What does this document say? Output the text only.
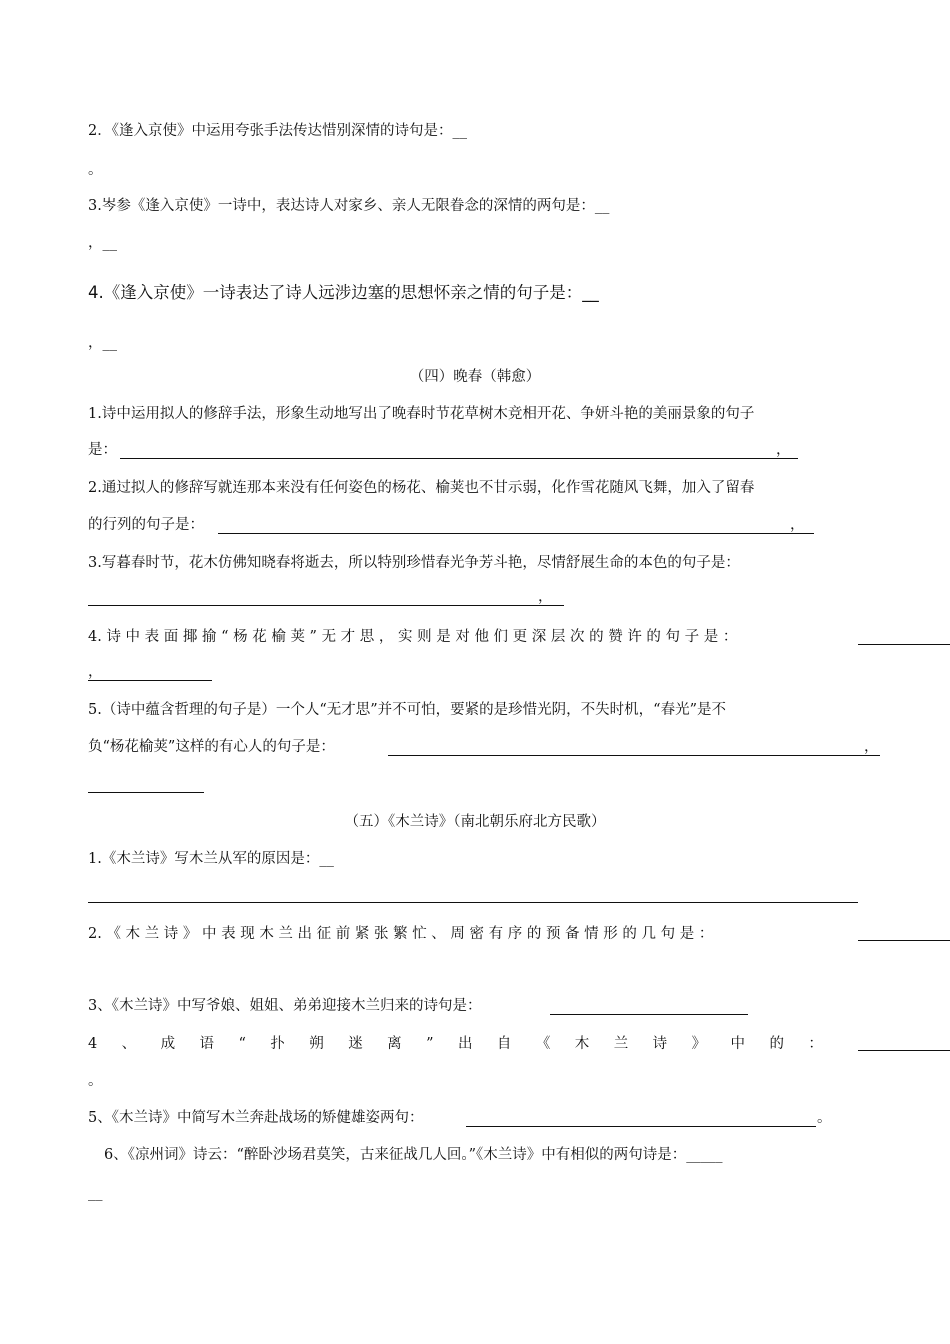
2．《逢入京使》中运用夸张手法传达惜别深情的诗句是：__
。
3.岑参《逢入京使》一诗中，表达诗人对家乡、亲人无限眷念的深情的两句是：__
，__
4.《逢入京使》一诗表达了诗人远涉边塞的思想怀亲之情的句子是：__
，__
（四）晚春（韩愈）
1.诗中运用拟人的修辞手法，形象生动地写出了晚春时节花草树木竞相开花、争妍斗艳的美丽景象的句子
是：	，
2.通过拟人的修辞写就连那本来没有任何姿色的杨花、榆荚也不甘示弱，化作雪花随风飞舞，加入了留春
的行列的句子是：	，
3.写暮春时节，花木仿佛知晓春将逝去，所以特别珍惜春光争芳斗艳，尽情舒展生命的本色的句子是：
，
4. 诗 中 表 面 揶 揄 “ 杨 花 榆 荚 ” 无 才 思 ， 实 则 是 对 他 们 更 深 层 次 的 赞 许 的 句 子 是 ：
，
5.（诗中蕴含哲理的句子是）一个人“无才思”并不可怕，要紧的是珍惜光阴，不失时机，“春光”是不
负“杨花榆荚”这样的有心人的句子是：	，
（五）《木兰诗》（南北朝乐府北方民歌）
1.《木兰诗》写木兰从军的原因是：__
2. 《 木 兰 诗 》 中 表 现 木 兰 出 征 前 紧 张 繁 忙 、 周 密 有 序 的 预 备 情 形 的 几 句 是 ：
3、《木兰诗》中写爷娘、姐姐、弟弟迎接木兰归来的诗句是：
4 、 成 语 “ 扑 朔 迷 离 ” 出 自 《 木 兰 诗 》 中 的 ：
。
5、《木兰诗》中简写木兰奔赴战场的矫健雄姿两句：	。
6、《凉州词》诗云：“醉卧沙场君莫笑，古来征战几人回。”《木兰诗》中有相似的两句诗是：_____
__
